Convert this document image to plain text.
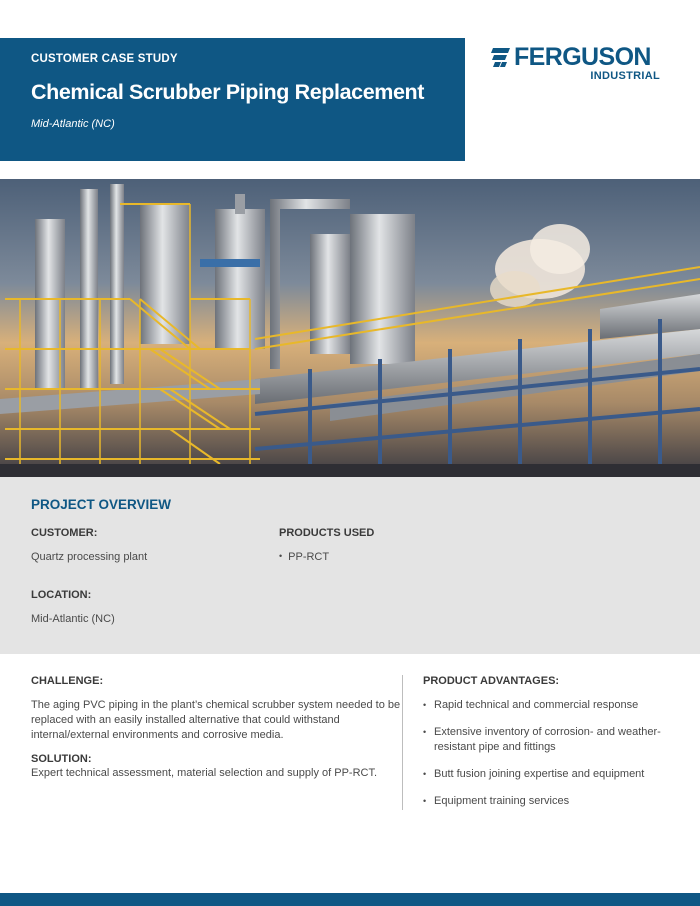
CUSTOMER CASE STUDY
Chemical Scrubber Piping Replacement
Mid-Atlantic (NC)
FERGUSON
INDUSTRIAL
PROJECT OVERVIEW
CUSTOMER:
Quartz processing plant
PRODUCTS USED
• PP-RCT
LOCATION:
Mid-Atlantic (NC)
CHALLENGE:
The aging PVC piping in the plant’s chemical scrubber system needed to be replaced with an easily installed alternative that could withstand internal/external environments and corrosive media.
SOLUTION:
Expert technical assessment, material selection and supply of PP-RCT.
PRODUCT ADVANTAGES:
• Rapid technical and commercial response
• Extensive inventory of corrosion- and weather-resistant pipe and fittings
• Butt fusion joining expertise and equipment
• Equipment training services
